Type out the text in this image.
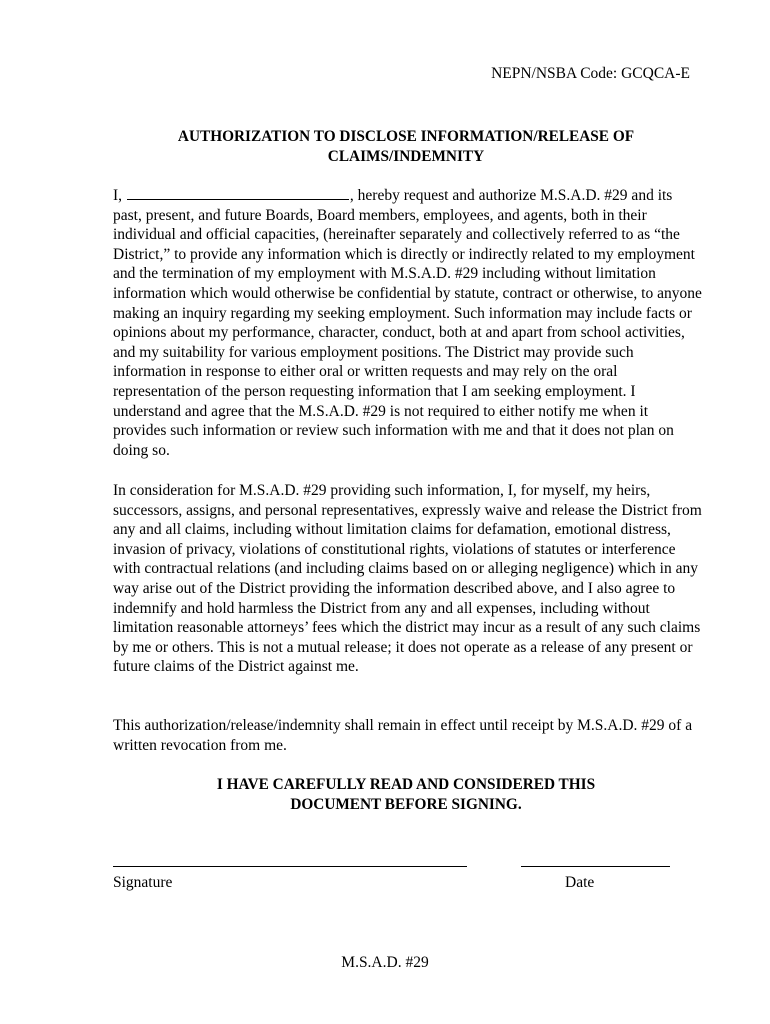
NEPN/NSBA Code: GCQCA-E
AUTHORIZATION TO DISCLOSE INFORMATION/RELEASE OF
CLAIMS/INDEMNITY
I,	, hereby request and authorize M.S.A.D. #29 and its past, present, and future Boards, Board members, employees, and agents, both in their individual and official capacities, (hereinafter separately and collectively referred to as “the District,” to provide any information which is directly or indirectly related to my employment and the termination of my employment with M.S.A.D. #29 including without limitation information which would otherwise be confidential by statute, contract or otherwise, to anyone making an inquiry regarding my seeking employment. Such information may include facts or opinions about my performance, character, conduct, both at and apart from school activities, and my suitability for various employment positions. The District may provide such information in response to either oral or written requests and may rely on the oral representation of the person requesting information that I am seeking employment. I understand and agree that the M.S.A.D. #29 is not required to either notify me when it provides such information or review such information with me and that it does not plan on doing so.
In consideration for M.S.A.D. #29 providing such information, I, for myself, my heirs, successors, assigns, and personal representatives, expressly waive and release the District from any and all claims, including without limitation claims for defamation, emotional distress, invasion of privacy, violations of constitutional rights, violations of statutes or interference with contractual relations (and including claims based on or alleging negligence) which in any way arise out of the District providing the information described above, and I also agree to indemnify and hold harmless the District from any and all expenses, including without limitation reasonable attorneys’ fees which the district may incur as a result of any such claims by me or others. This is not a mutual release; it does not operate as a release of any present or future claims of the District against me.
This authorization/release/indemnity shall remain in effect until receipt by M.S.A.D. #29 of a written revocation from me.
I HAVE CAREFULLY READ AND CONSIDERED THIS
DOCUMENT BEFORE SIGNING.
Signature	Date
M.S.A.D. #29
